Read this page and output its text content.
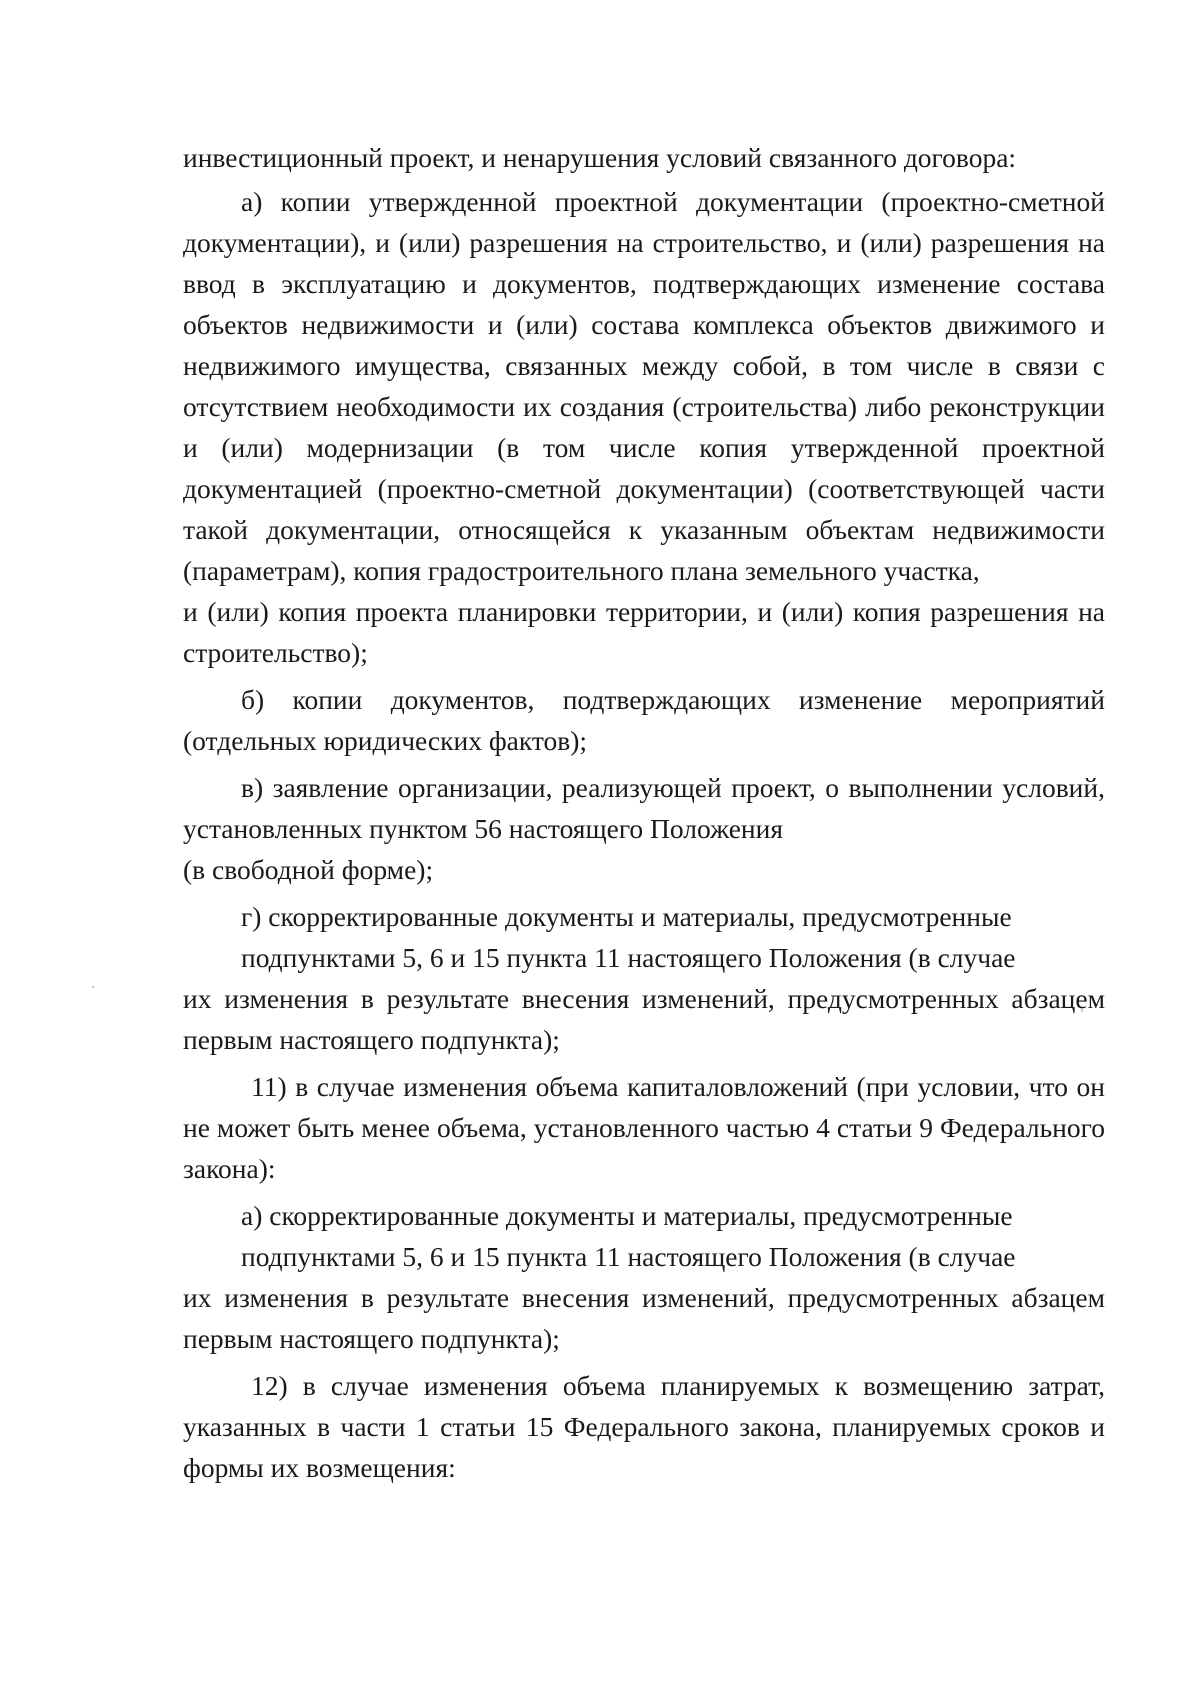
инвестиционный проект, и ненарушения условий связанного договора:

а) копии утвержденной проектной документации (проектно-сметной документации), и (или) разрешения на строительство, и (или) разрешения на ввод в эксплуатацию и документов, подтверждающих изменение состава объектов недвижимости и (или) состава комплекса объектов движимого и недвижимого имущества, связанных между собой, в том числе в связи с отсутствием необходимости их создания (строительства) либо реконструкции и (или) модернизации (в том числе копия утвержденной проектной документацией (проектно-сметной документации) (соответствующей части такой документации, относящейся к указанным объектам недвижимости (параметрам), копия градостроительного плана земельного участка,

и (или) копия проекта планировки территории, и (или) копия разрешения на строительство);

б) копии документов, подтверждающих изменение мероприятий (отдельных юридических фактов);

в) заявление организации, реализующей проект, о выполнении условий, установленных пунктом 56 настоящего Положения

(в свободной форме);

г) скорректированные документы и материалы, предусмотренные

подпунктами 5, 6 и 15 пункта 11 настоящего Положения (в случае

их изменения в результате внесения изменений, предусмотренных абзацем первым настоящего подпункта);

11) в случае изменения объема капиталовложений (при условии, что он не может быть менее объема, установленного частью 4 статьи 9 Федерального закона):

а) скорректированные документы и материалы, предусмотренные

подпунктами 5, 6 и 15 пункта 11 настоящего Положения (в случае

их изменения в результате внесения изменений, предусмотренных абзацем первым настоящего подпункта);

12) в случае изменения объема планируемых к возмещению затрат, указанных в части 1 статьи 15 Федерального закона, планируемых сроков и формы их возмещения:
